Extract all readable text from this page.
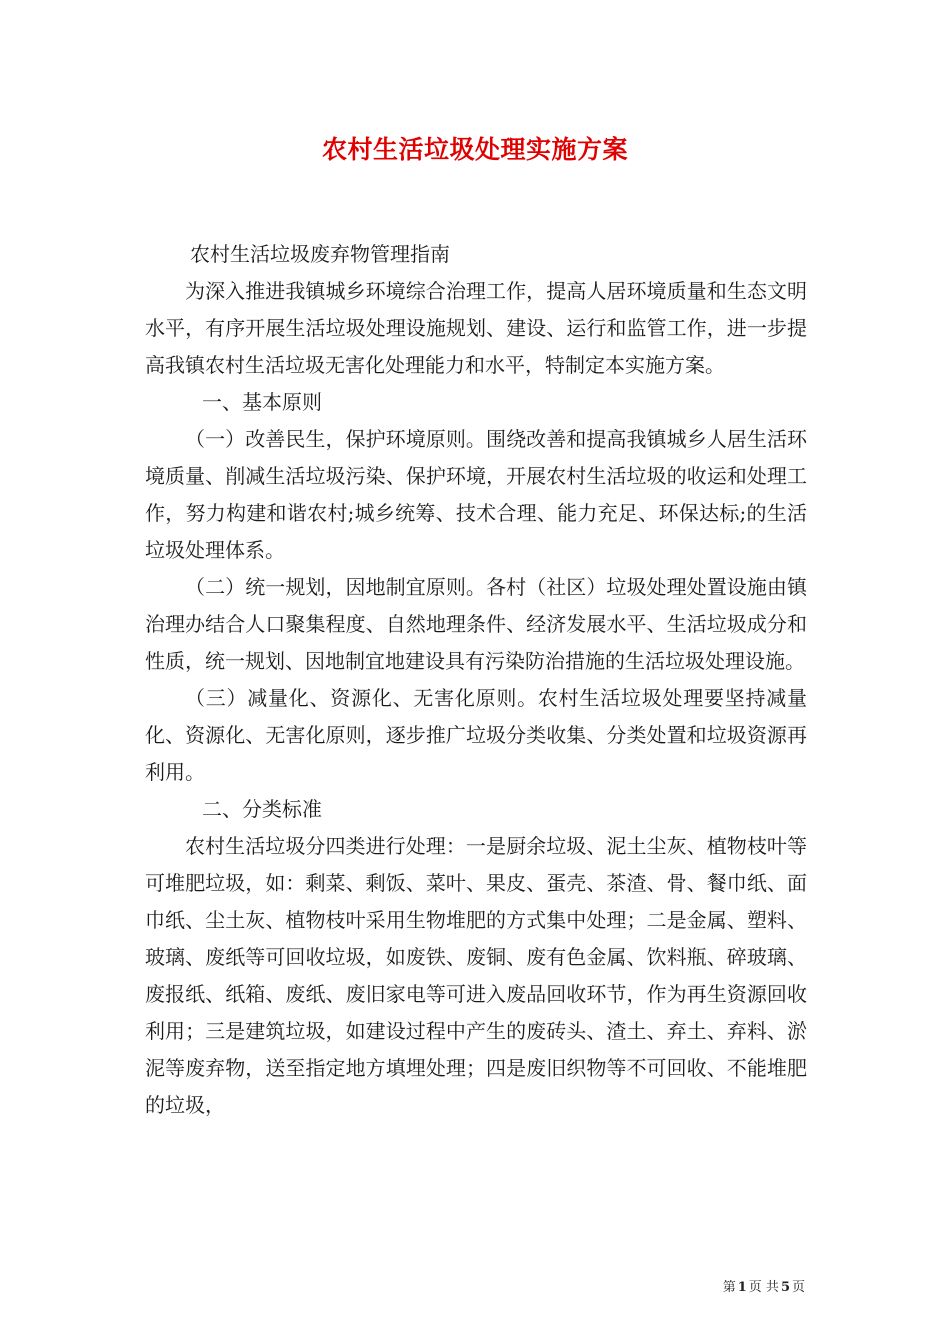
农村生活垃圾处理实施方案

农村生活垃圾废弃物管理指南

为深入推进我镇城乡环境综合治理工作，提高人居环境质量和生态文明水平，有序开展生活垃圾处理设施规划、建设、运行和监管工作，进一步提高我镇农村生活垃圾无害化处理能力和水平，特制定本实施方案。

一、基本原则

（一）改善民生，保护环境原则。围绕改善和提高我镇城乡人居生活环境质量、削减生活垃圾污染、保护环境，开展农村生活垃圾的收运和处理工作，努力构建和谐农村;城乡统筹、技术合理、能力充足、环保达标;的生活垃圾处理体系。

（二）统一规划，因地制宜原则。各村（社区）垃圾处理处置设施由镇治理办结合人口聚集程度、自然地理条件、经济发展水平、生活垃圾成分和性质，统一规划、因地制宜地建设具有污染防治措施的生活垃圾处理设施。

（三）减量化、资源化、无害化原则。农村生活垃圾处理要坚持减量化、资源化、无害化原则，逐步推广垃圾分类收集、分类处置和垃圾资源再利用。

二、分类标准

农村生活垃圾分四类进行处理：一是厨余垃圾、泥土尘灰、植物枝叶等可堆肥垃圾，如：剩菜、剩饭、菜叶、果皮、蛋壳、茶渣、骨、餐巾纸、面巾纸、尘土灰、植物枝叶采用生物堆肥的方式集中处理；二是金属、塑料、玻璃、废纸等可回收垃圾，如废铁、废铜、废有色金属、饮料瓶、碎玻璃、废报纸、纸箱、废纸、废旧家电等可进入废品回收环节，作为再生资源回收利用；三是建筑垃圾，如建设过程中产生的废砖头、渣土、弃土、弃料、淤泥等废弃物，送至指定地方填埋处理；四是废旧织物等不可回收、不能堆肥的垃圾，

第 1 页 共 5 页
